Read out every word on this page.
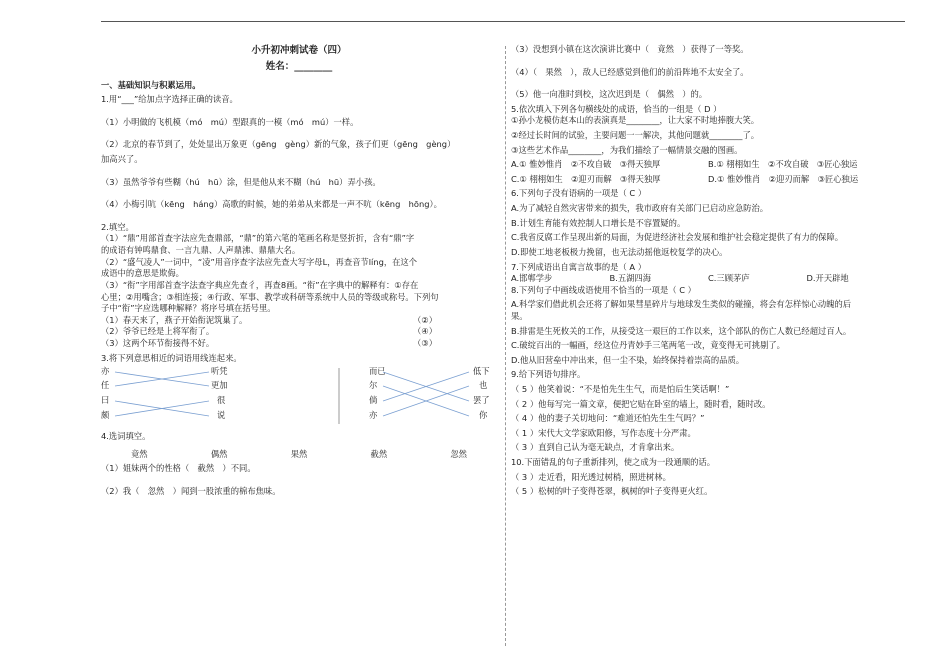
小升初冲刺试卷（四）
姓名：________
一、基础知识与积累运用。
1.用“___”给加点字选择正确的读音。
（1）小明做的飞机模（mó　mú）型跟真的一模（mó　mú）一样。
（2）北京的春节到了，处处显出万象更（gēng　gèng）新的气象，孩子们更（gēng　gèng）
加高兴了。
（3）虽然爷爷有些糊（hú　hū）涂，但是他从来不糊（hú　hū）弄小孩。
（4）小梅引吭（kēng　háng）高歌的时候，她的弟弟从来都是一声不吭（kēng　hōng）。
2.填空。
（1）“鼎”用部首查字法应先查鼎部，“鼎”的第六笔的笔画名称是竖折折，含有“鼎”字
的成语有钟鸣鼎食、一言九鼎、人声鼎沸、鼎鼎大名。
（2）“盛气凌人”一词中，“凌”用音序查字法应先查大写字母L，再查音节líng，在这个
成语中的意思是欺侮。
（3）“衔”字用部首查字法查字典应先查彳，再查8画。“衔”在字典中的解释有：①存在
心里；②用嘴含；③相连接；④行政、军事、教学或科研等系统中人员的等级或称号。下列句
子中“衔”字应选哪种解释？将序号填在括号里。
（1）春天来了，燕子开始衔泥筑巢了。	（②）
（2）爷爷已经是上将军衔了。	（④）
（3）这两个环节衔接得不好。	（③）
3.将下列意思相近的词语用线连起来。
亦
任
曰
颇
听凭
更加
很
说
而已
尔
倘
亦
低下
也
罢了
你
4.选词填空。
竟然	偶然	果然	截然	忽然
（1）姐妹两个的性格（　截然　）不同。
（2）我（　忽然　）闻到一股浓重的棉布焦味。
（3）没想到小镇在这次演讲比赛中（　竟然　）获得了一等奖。
（4）（　果然　），敌人已经感觉到他们的前沿阵地不太安全了。
（5）他一向准时到校，这次迟到是（　偶然　）的。
5.依次填入下列各句横线处的成语，恰当的一组是（ D ）
①孙小龙模仿赵本山的表演真是________，让大家不时地捧腹大笑。
②经过长时间的试验，主要问题一一解决，其他问题就________了。
③这些艺术作品________，为我们描绘了一幅情景交融的图画。
A.① 惟妙惟肖　②不攻自破　③得天独厚	B.① 栩栩如生　②不攻自破　③匠心独运
C.① 栩栩如生　②迎刃而解　③得天独厚	D.① 惟妙惟肖　②迎刃而解　③匠心独运
6.下列句子没有语病的一项是（ C ）
A.为了减轻自然灾害带来的损失，我市政府有关部门已启动应急防治。
B.计划生育能有效控制人口增长是不容置疑的。
C.我省反腐工作呈现出新的局面，为促进经济社会发展和维护社会稳定提供了有力的保障。
D.即使工地老板极力挽留，也无法动摇他返校复学的决心。
7.下列成语出自寓言故事的是（ A ）
A.邯郸学步	B.五湖四海	C.三顾茅庐	D.开天辟地
8.下列句子中画线成语使用不恰当的一项是（ C ）
A.科学家们借此机会还将了解如果彗星碎片与地球发生类似的碰撞，将会有怎样惊心动魄的后
果。
B.排雷是生死攸关的工作，从接受这一艰巨的工作以来，这个部队的伤亡人数已经超过百人。
C.破绽百出的一幅画，经这位丹青妙手三笔两笔一改，竟变得无可挑剔了。
D.他从旧营垒中冲出来，但一尘不染，始终保持着崇高的品质。
9.给下列语句排序。
（ 5 ）他笑着说：“不是怕先生生气，而是怕后生笑话啊！”
（ 2 ）他每写完一篇文章，便把它贴在卧室的墙上，随时看，随时改。
（ 4 ）他的妻子关切地问：“难道还怕先生生气吗？”
（ 1 ）宋代大文学家欧阳修，写作态度十分严肃。
（ 3 ）直到自己认为毫无缺点，才肯拿出来。
10.下面错乱的句子重新排列，使之成为一段通顺的话。
（ 3 ）走近看，阳光透过树梢，照进树林。
（ 5 ）松树的叶子变得苍翠，枫树的叶子变得更火红。
